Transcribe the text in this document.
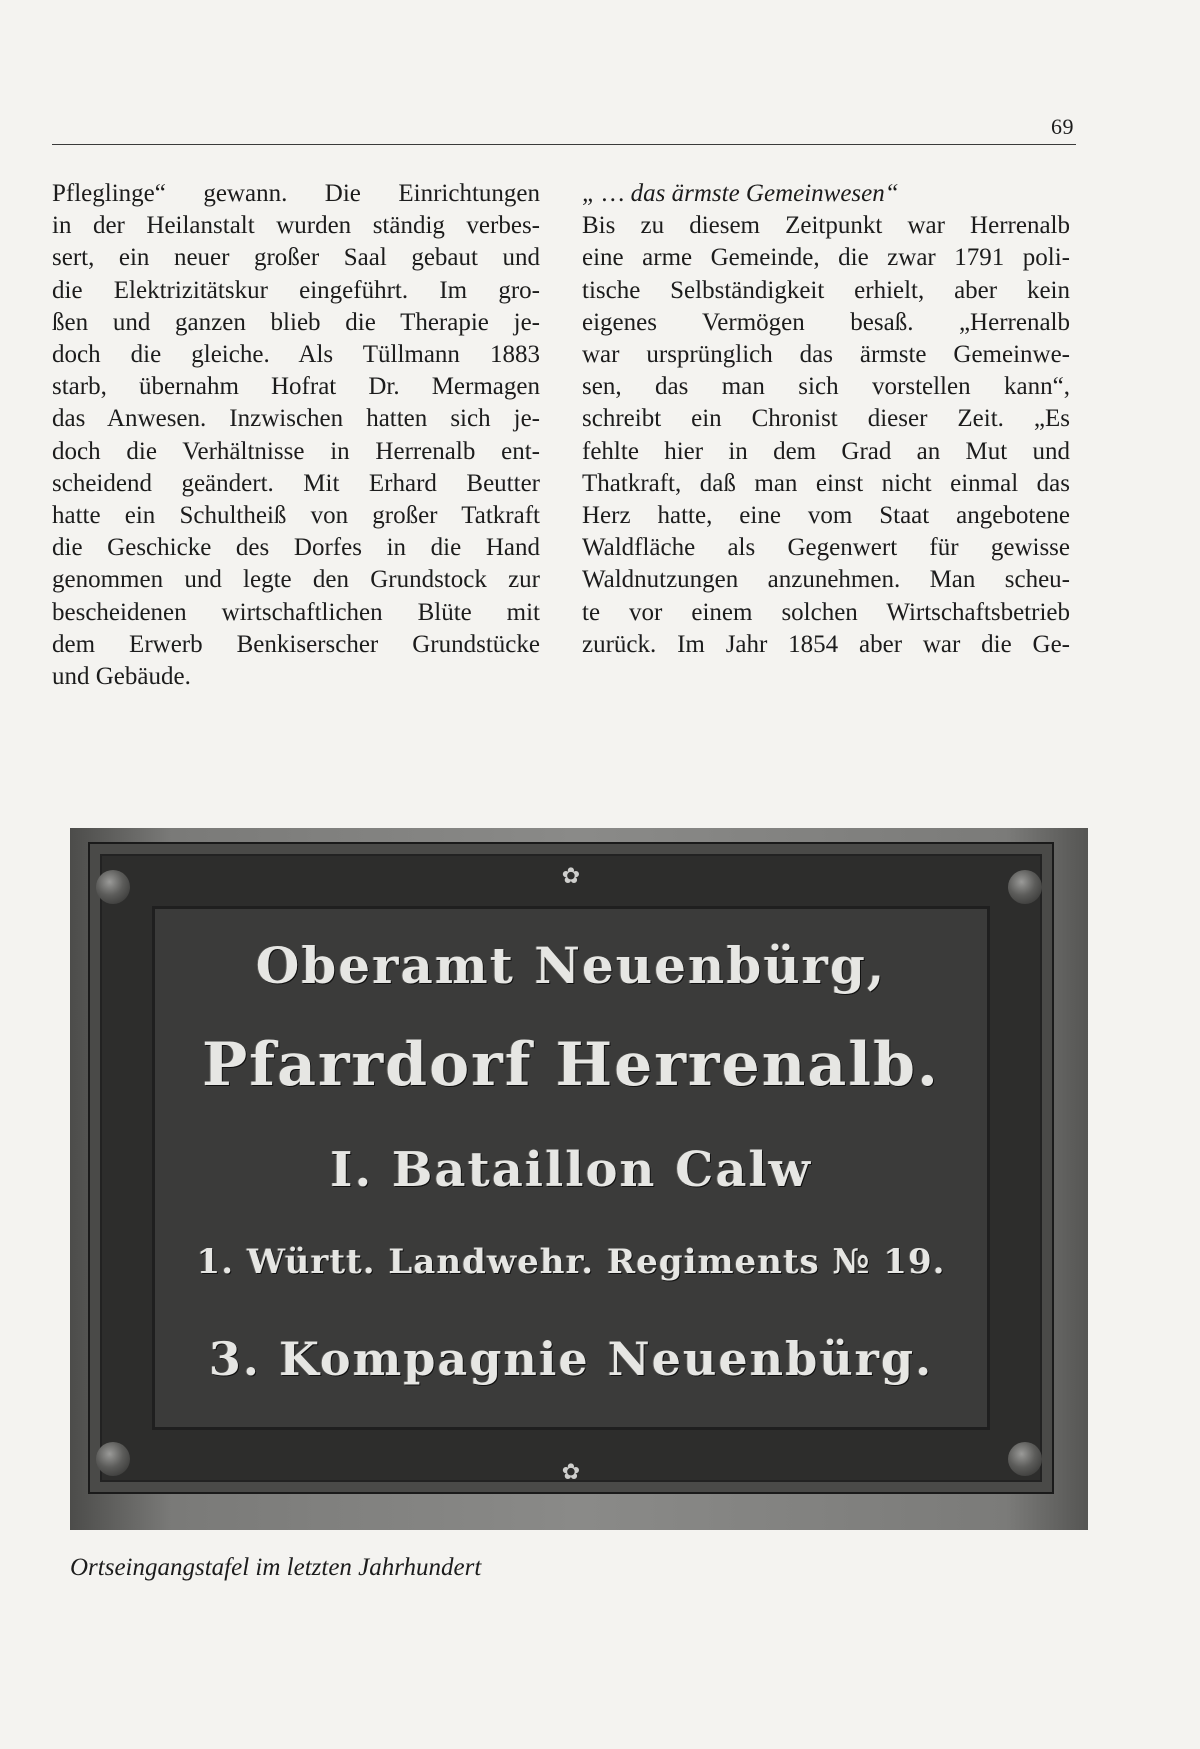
69

Pfleglinge“ gewann. Die Einrichtungen

in der Heilanstalt wurden ständig verbes-

sert, ein neuer großer Saal gebaut und

die Elektrizitätskur eingeführt. Im gro-

ßen und ganzen blieb die Therapie je-

doch die gleiche. Als Tüllmann 1883

starb, übernahm Hofrat Dr. Mermagen

das Anwesen. Inzwischen hatten sich je-

doch die Verhältnisse in Herrenalb ent-

scheidend geändert. Mit Erhard Beutter

hatte ein Schultheiß von großer Tatkraft

die Geschicke des Dorfes in die Hand

genommen und legte den Grundstock zur

bescheidenen wirtschaftlichen Blüte mit

dem Erwerb Benkiserscher Grundstücke

und Gebäude.

„ … das ärmste Gemeinwesen“

Bis zu diesem Zeitpunkt war Herrenalb

eine arme Gemeinde, die zwar 1791 poli-

tische Selbständigkeit erhielt, aber kein

eigenes Vermögen besaß. „Herrenalb

war ursprünglich das ärmste Gemeinwe-

sen, das man sich vorstellen kann“,

schreibt ein Chronist dieser Zeit. „Es

fehlte hier in dem Grad an Mut und

Thatkraft, daß man einst nicht einmal das

Herz hatte, eine vom Staat angebotene

Waldfläche als Gegenwert für gewisse

Waldnutzungen anzunehmen. Man scheu-

te vor einem solchen Wirtschaftsbetrieb

zurück. Im Jahr 1854 aber war die Ge-

✿
✿
Oberamt Neuenbürg,
Pfarrdorf Herrenalb.
I. Bataillon Calw
1. Württ. Landwehr. Regiments № 19.
3. Kompagnie Neuenbürg.
Ortseingangstafel im letzten Jahrhundert
